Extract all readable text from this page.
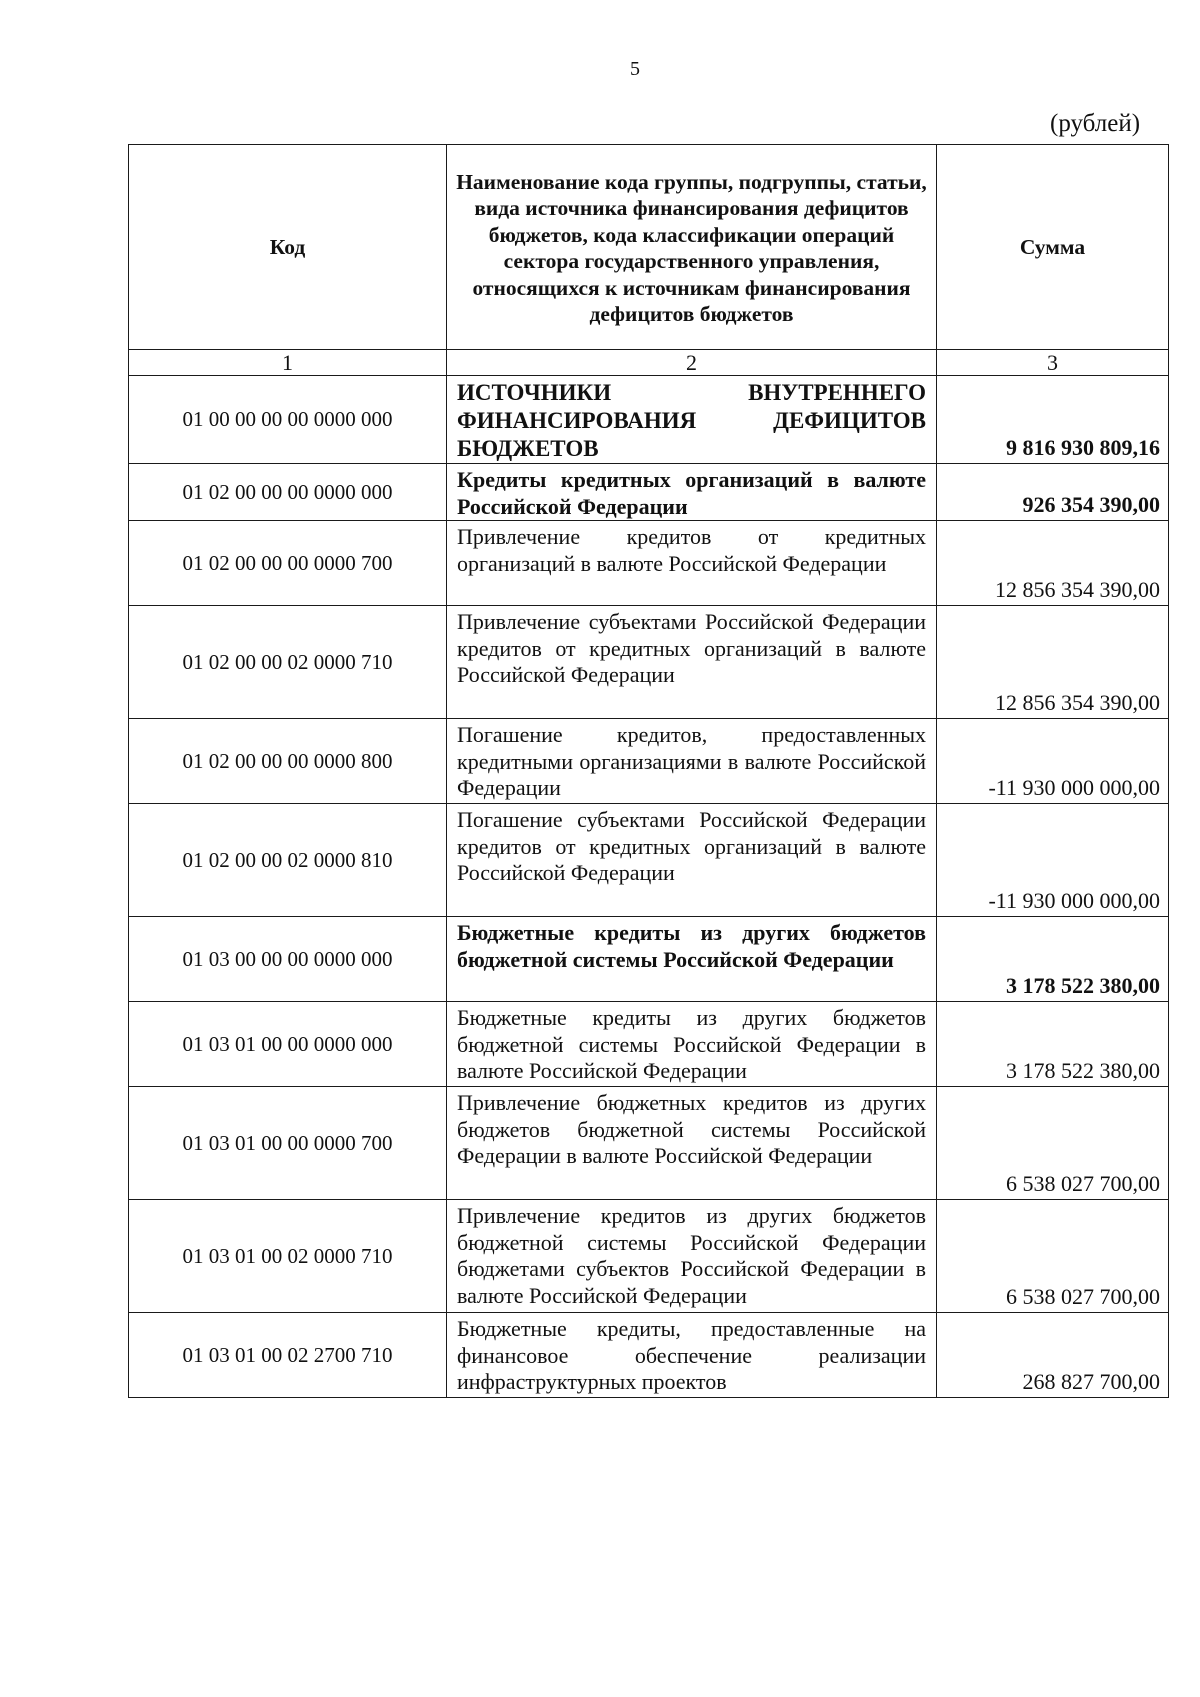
5
(рублей)
Код	Наименование кода группы, подгруппы, статьи, вида источника финансирования дефицитов бюджетов, кода классификации операций сектора государственного управления, относящихся к источникам финансирования дефицитов бюджетов	Сумма
1	2	3
01 00 00 00 00 0000 000	ИСТОЧНИКИ ВНУТРЕННЕГО ФИНАНСИРОВАНИЯ ДЕФИЦИТОВ БЮДЖЕТОВ	9 816 930 809,16
01 02 00 00 00 0000 000	Кредиты кредитных организаций в валюте Российской Федерации	926 354 390,00
01 02 00 00 00 0000 700	Привлечение кредитов от кредитных организаций в валюте Российской Федерации	12 856 354 390,00
01 02 00 00 02 0000 710	Привлечение субъектами Российской Федерации кредитов от кредитных организаций в валюте Российской Федерации	12 856 354 390,00
01 02 00 00 00 0000 800	Погашение кредитов, предоставленных кредитными организациями в валюте Российской Федерации	-11 930 000 000,00
01 02 00 00 02 0000 810	Погашение субъектами Российской Федерации кредитов от кредитных организаций в валюте Российской Федерации	-11 930 000 000,00
01 03 00 00 00 0000 000	Бюджетные кредиты из других бюджетов бюджетной системы Российской Федерации	3 178 522 380,00
01 03 01 00 00 0000 000	Бюджетные кредиты из других бюджетов бюджетной системы Российской Федерации в валюте Российской Федерации	3 178 522 380,00
01 03 01 00 00 0000 700	Привлечение бюджетных кредитов из других бюджетов бюджетной системы Российской Федерации в валюте Российской Федерации	6 538 027 700,00
01 03 01 00 02 0000 710	Привлечение кредитов из других бюджетов бюджетной системы Российской Федерации бюджетами субъектов Российской Федерации в валюте Российской Федерации	6 538 027 700,00
01 03 01 00 02 2700 710	Бюджетные кредиты, предоставленные на финансовое обеспечение реализации инфраструктурных проектов	268 827 700,00
